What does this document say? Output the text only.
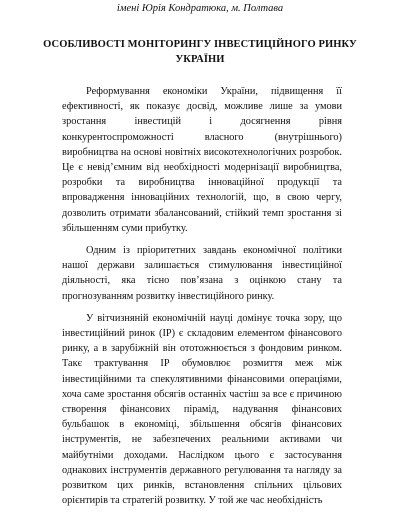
імені Юрія Кондратюка, м. Полтава
ОСОБЛИВОСТІ МОНІТОРИНГУ ІНВЕСТИЦІЙНОГО РИНКУ УКРАЇНИ

Реформування економіки України, підвищення її ефективності, як показує досвід, можливе лише за умови зростання інвестицій і досягнення рівня конкурентоспроможності власного (внутрішнього) виробництва на основі новітніх високотехнологічних розробок. Це є невідʼємним від необхідності модернізації виробництва, розробки та виробництва інноваційної продукції та впровадження інноваційних технологій, що, в свою чергу, дозволить отримати збалансований, стійкий темп зростання зі збільшенням суми прибутку.

Одним із пріоритетних завдань економічної політики нашої держави залишається стимулювання інвестиційної діяльності, яка тісно повʼязана з оцінкою стану та прогнозуванням розвитку інвестиційного ринку.

У вітчизняній економічній науці домінує точка зору, що інвестиційний ринок (ІР) є складовим елементом фінансового ринку, а в зарубіжній він ототожнюється з фондовим ринком. Такє трактування ІР обумовлює розмиття меж між інвестиційними та спекулятивними фінансовими операціями, хоча саме зростання обсягів останніх частіш за все є причиною створення фінансових пірамід, надування фінансових бульбашок в економіці, збільшення обсягів фінансових інструментів, не забезпечених реальними активами чи майбутніми доходами. Наслідком цього є застосування однакових інструментів державного регулювання та нагляду за розвитком цих ринків, встановлення спільних цільових орієнтирів та стратегій розвитку. У той же час необхідність
